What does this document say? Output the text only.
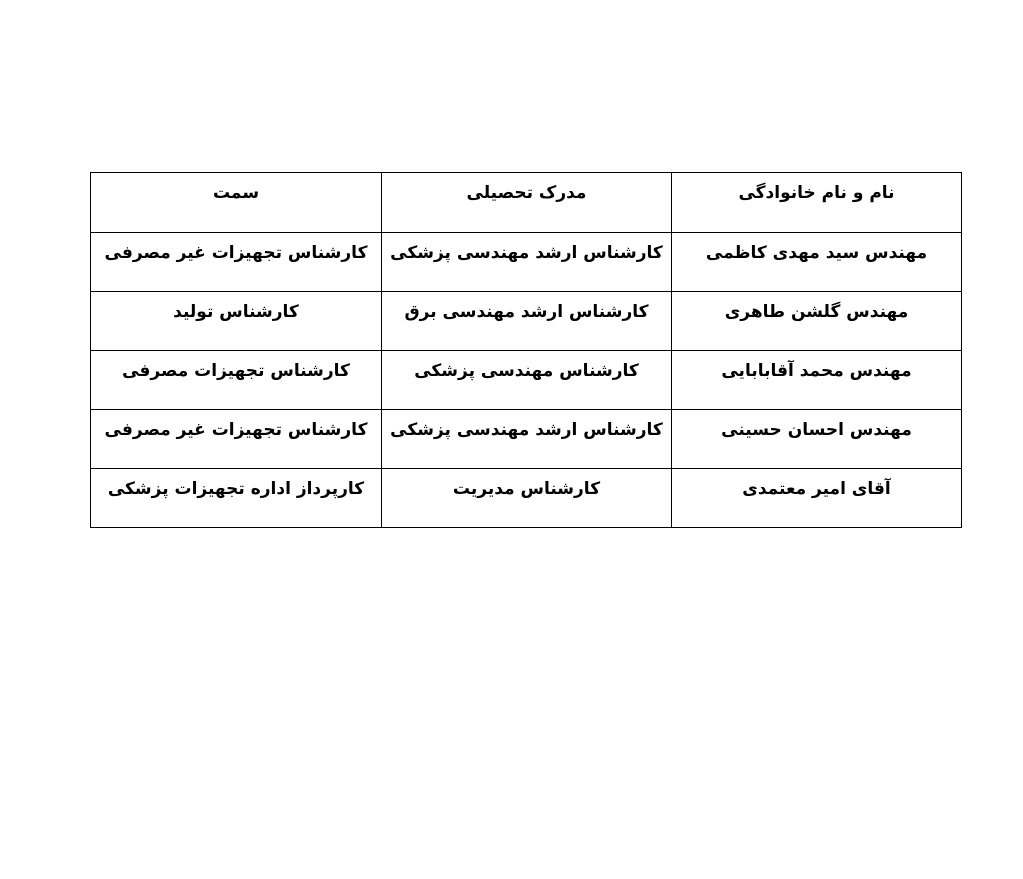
نام و نام خانوادگی	مدرک تحصیلی	سمت
مهندس سید مهدی کاظمی	کارشناس ارشد مهندسی پزشکی	کارشناس تجهیزات غیر مصرفی
مهندس گلشن طاهری	کارشناس ارشد مهندسی برق	کارشناس تولید
مهندس محمد آقابابایی	کارشناس مهندسی پزشکی	کارشناس تجهیزات مصرفی
مهندس احسان حسینی	کارشناس ارشد مهندسی پزشکی	کارشناس تجهیزات غیر مصرفی
آقای امیر معتمدی	کارشناس مدیریت	کارپرداز اداره تجهیزات پزشکی
